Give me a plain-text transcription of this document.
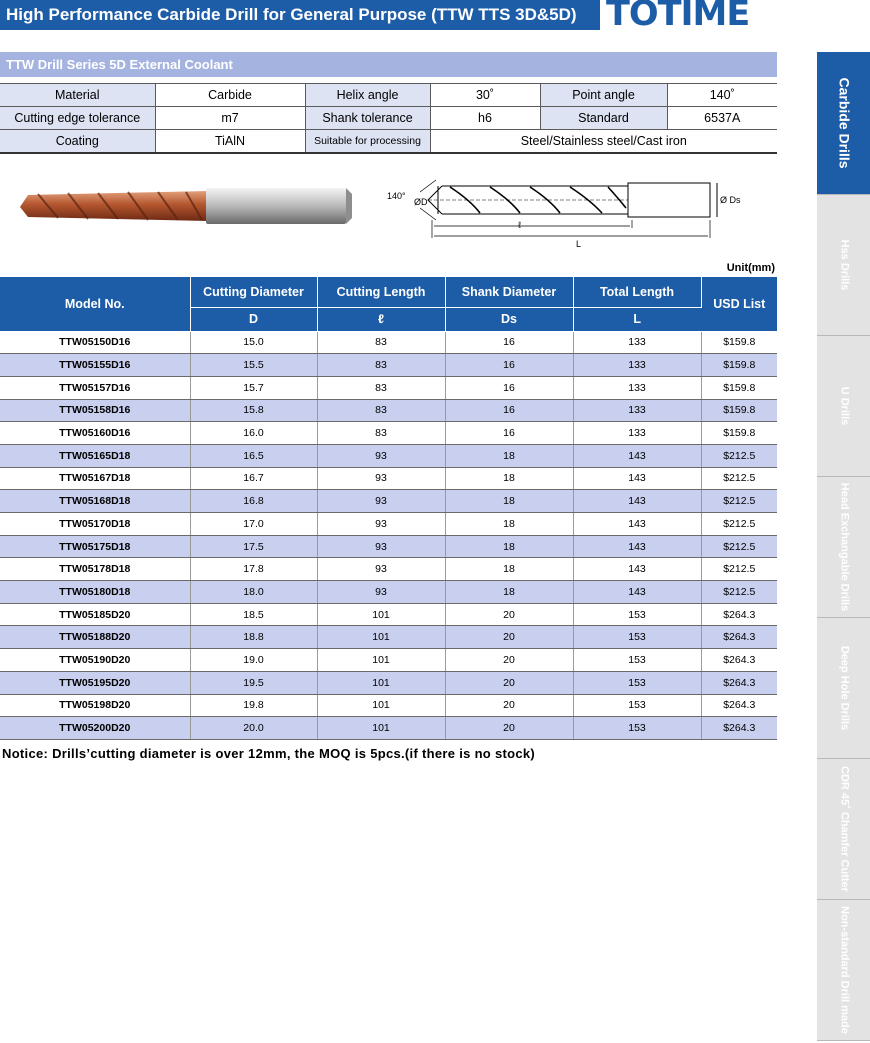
High Performance Carbide Drill for General Purpose (TTW TTS 3D&5D) TOTIME
TTW Drill Series 5D External Coolant
Material	Carbide	Helix angle	30˚	Point angle	140˚
Cutting edge tolerance	m7	Shank tolerance	h6	Standard	6537A
Coating	TiAlN	Suitable for processing	Steel/Stainless steel/Cast iron		
140°
ØD	Ø Ds
ℓ
L
Unit(mm)
Model No.	Cutting Diameter	Cutting Length	Shank Diameter	Total Length	USD List
	D	ℓ	Ds	L	
TTW05150D16	15.0	83	16	133	$159.8
TTW05155D16	15.5	83	16	133	$159.8
TTW05157D16	15.7	83	16	133	$159.8
TTW05158D16	15.8	83	16	133	$159.8
TTW05160D16	16.0	83	16	133	$159.8
TTW05165D18	16.5	93	18	143	$212.5
TTW05167D18	16.7	93	18	143	$212.5
TTW05168D18	16.8	93	18	143	$212.5
TTW05170D18	17.0	93	18	143	$212.5
TTW05175D18	17.5	93	18	143	$212.5
TTW05178D18	17.8	93	18	143	$212.5
TTW05180D18	18.0	93	18	143	$212.5
TTW05185D20	18.5	101	20	153	$264.3
TTW05188D20	18.8	101	20	153	$264.3
TTW05190D20	19.0	101	20	153	$264.3
TTW05195D20	19.5	101	20	153	$264.3
TTW05198D20	19.8	101	20	153	$264.3
TTW05200D20	20.0	101	20	153	$264.3
Notice: Drills’cutting diameter is over 12mm, the MOQ is 5pcs.(if there is no stock)
Carbide Drills
Hss Drills
U Drills
Head Exchangable Drills
Deep Hole Drills
CDR 45˚ Chamfer Cutter
Non-standard Drill made
